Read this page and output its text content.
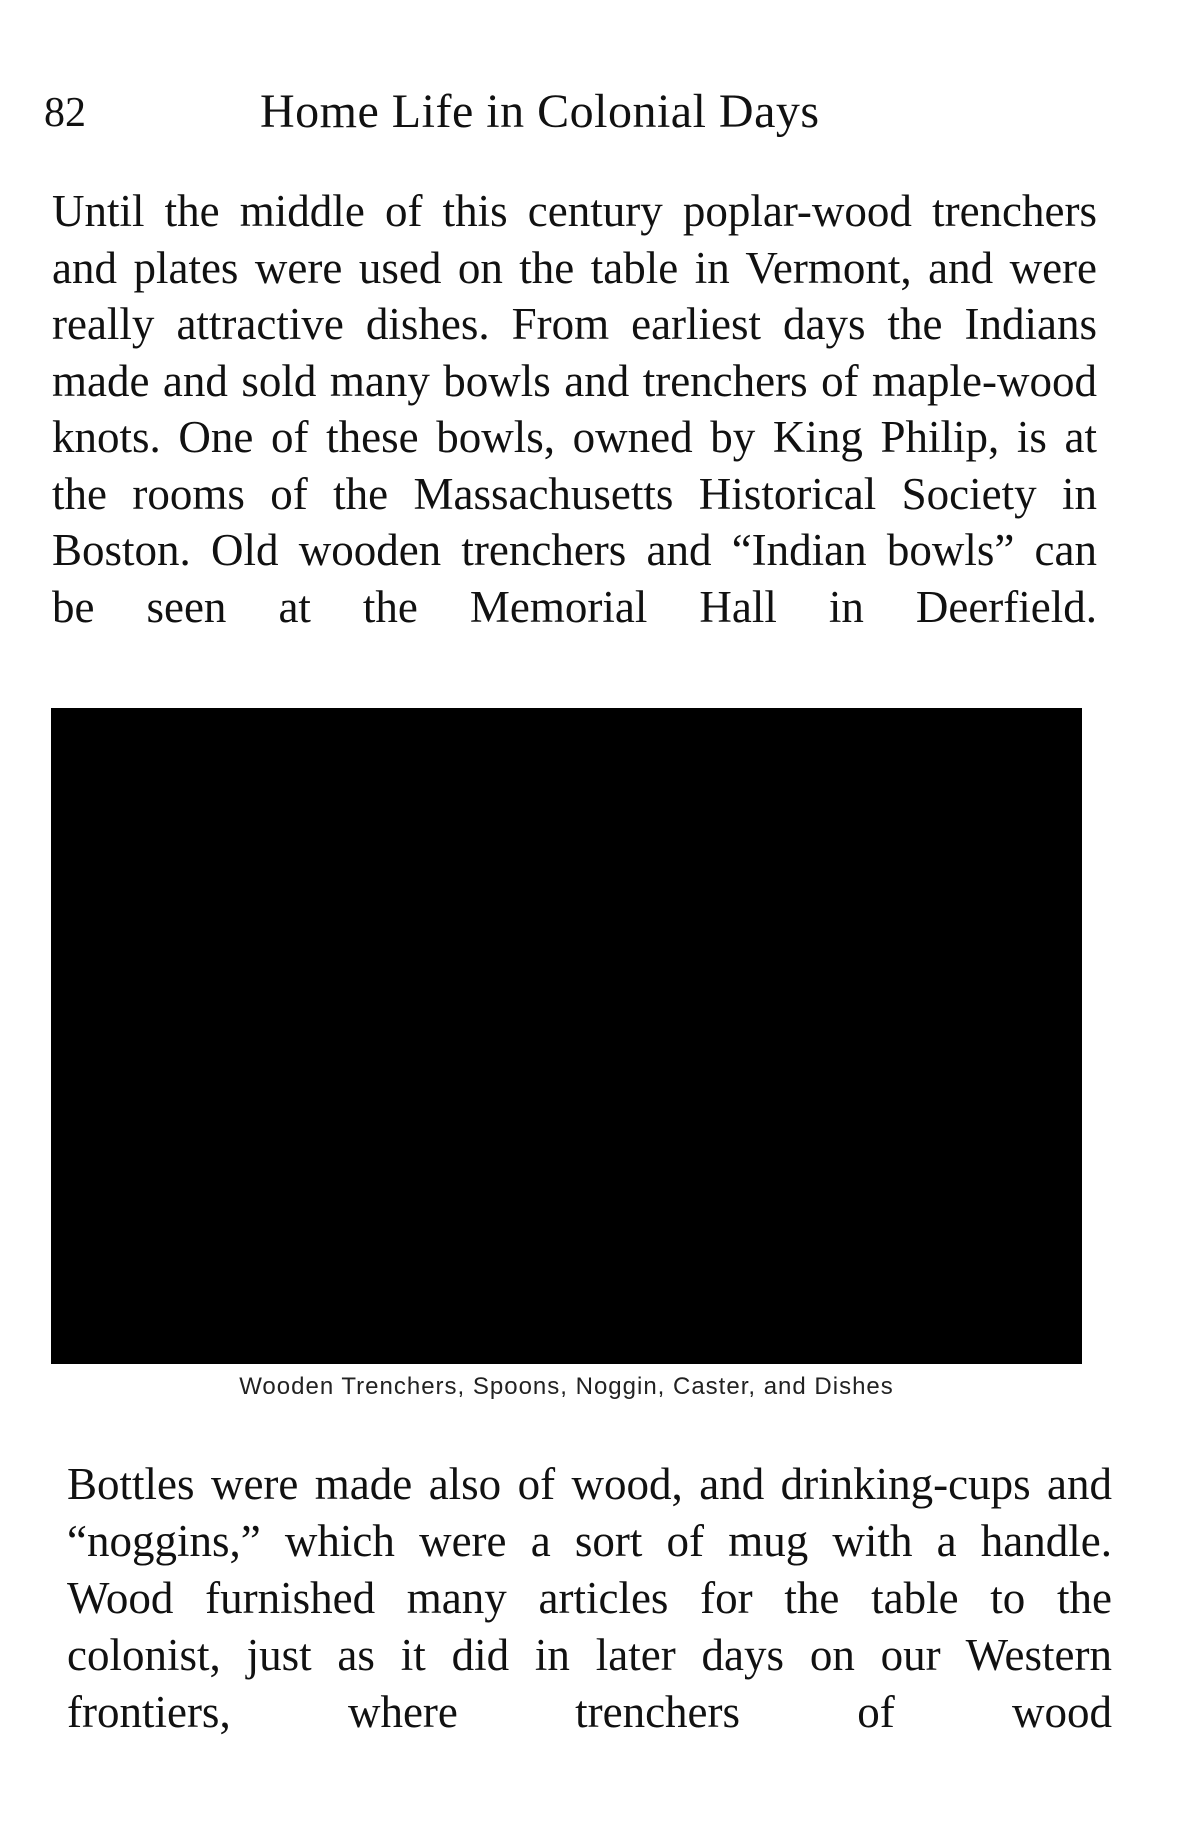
82	Home Life in Colonial Days

Until the middle of this century poplar-wood trenchers and plates were used on the table in Vermont, and were really attractive dishes. From earliest days the Indians made and sold many bowls and trenchers of maple-wood knots. One of these bowls, owned by King Philip, is at the rooms of the Massachusetts Historical Society in Boston. Old wooden trenchers and “Indian bowls” can be seen at the Memorial Hall in Deerfield.

Wooden Trenchers, Spoons, Noggin, Caster, and Dishes

Bottles were made also of wood, and drinking-cups and “noggins,” which were a sort of mug with a handle. Wood furnished many articles for the table to the colonist, just as it did in later days on our Western frontiers, where trenchers of wood
